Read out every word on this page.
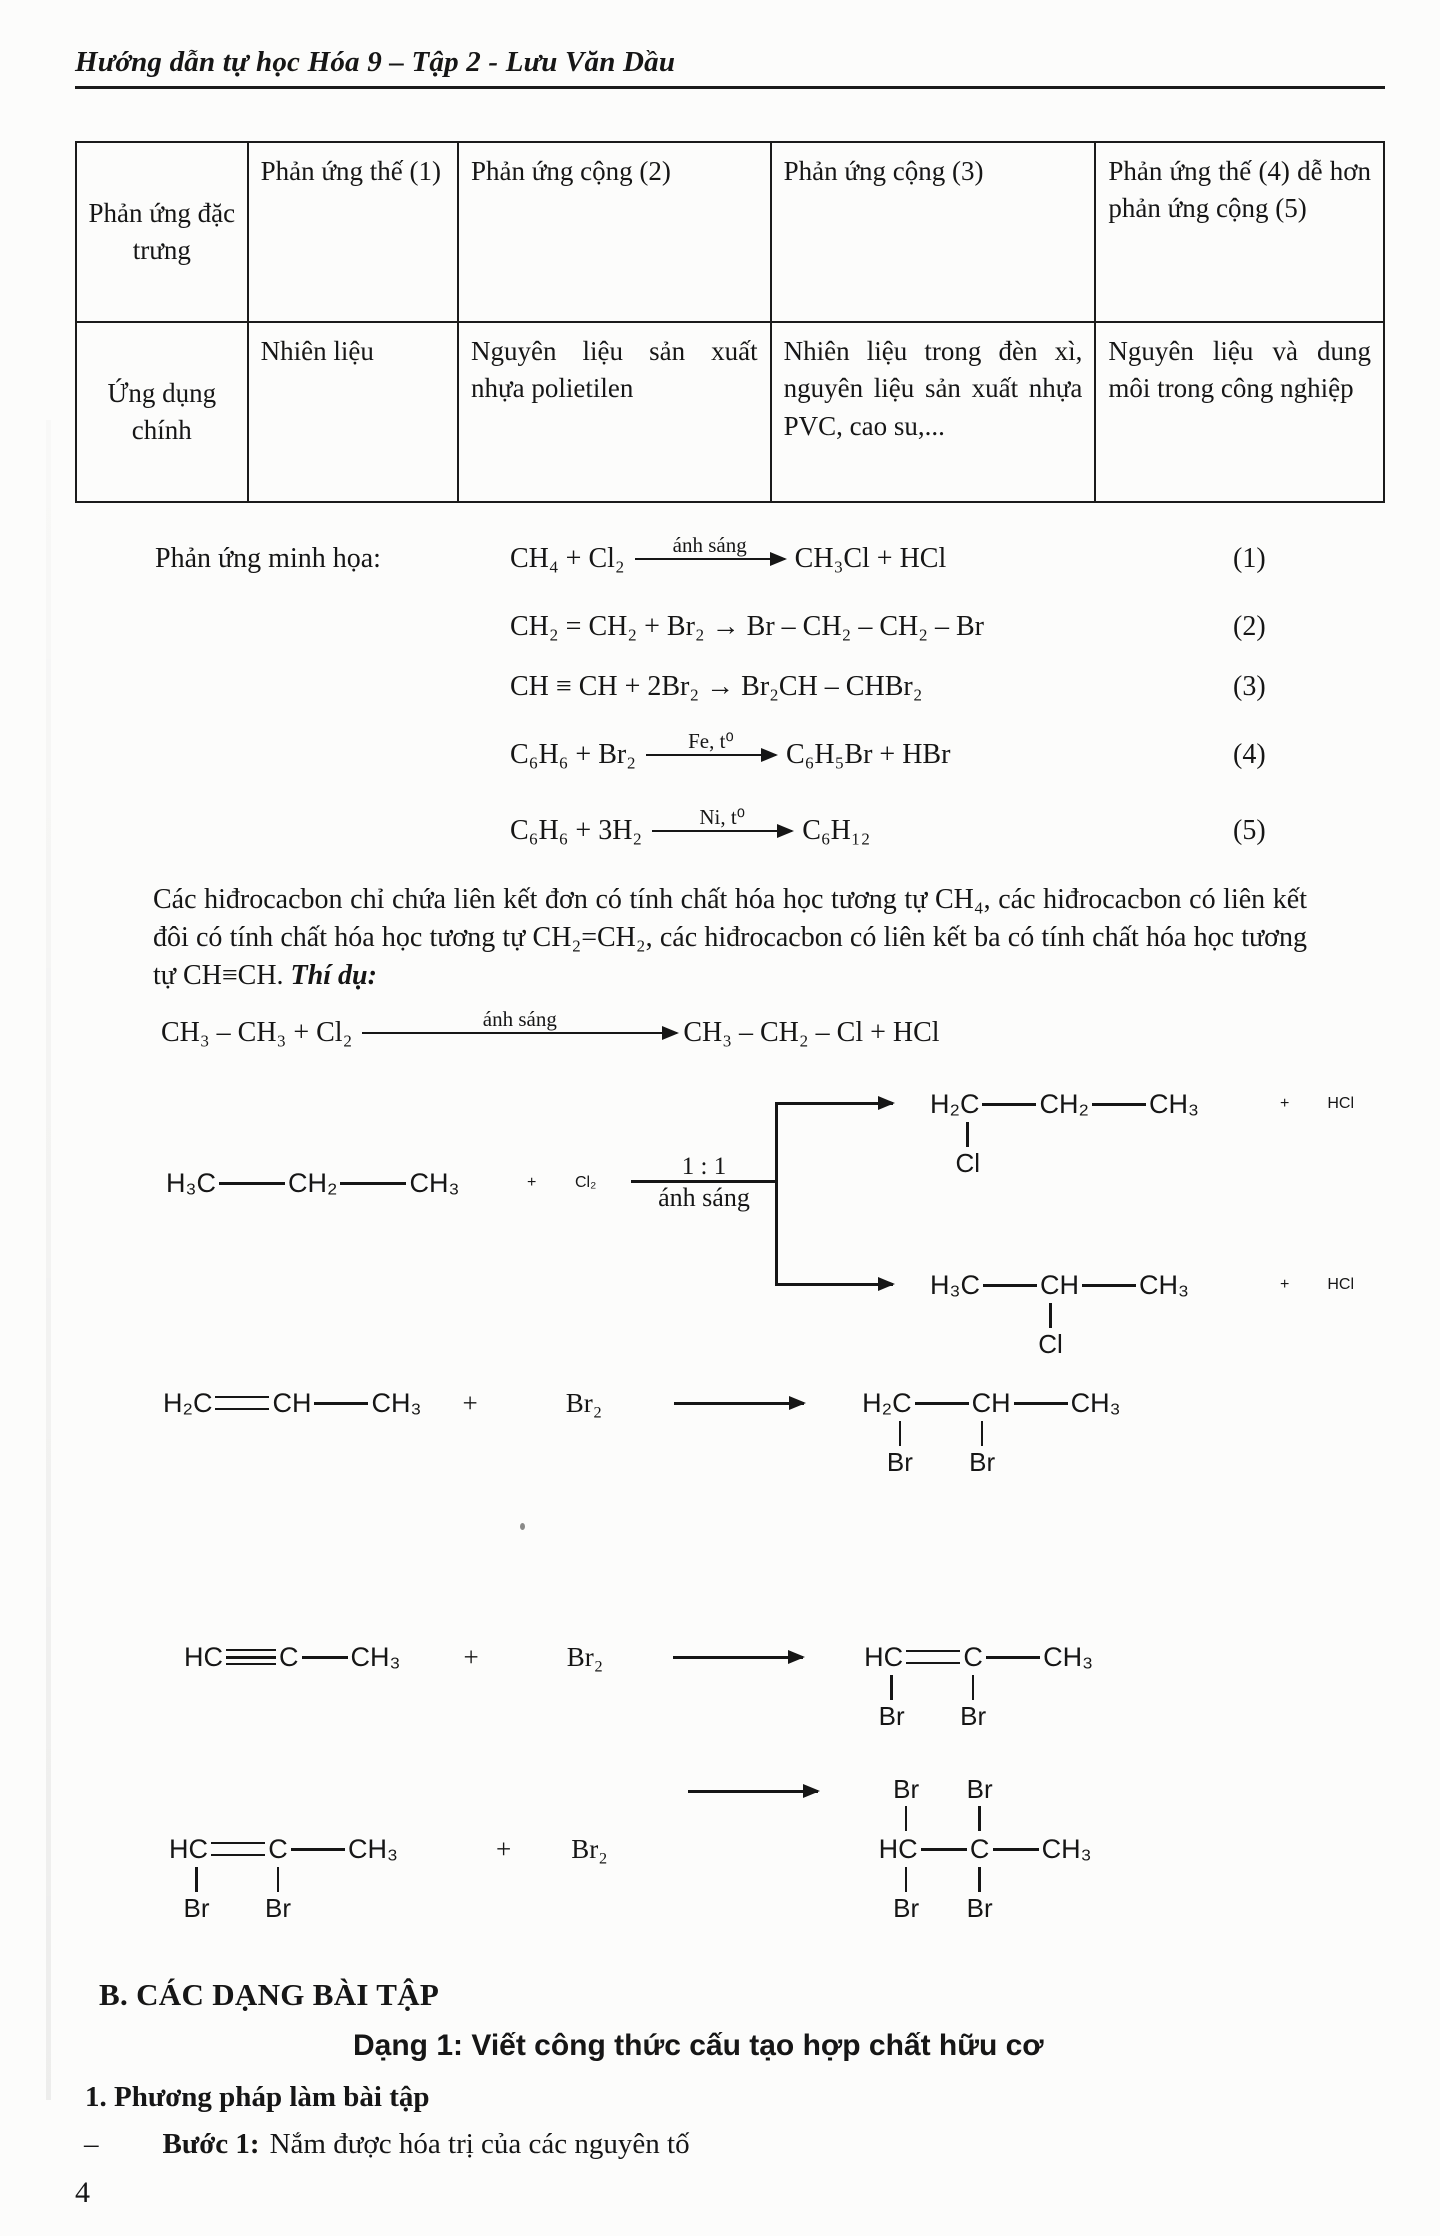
Hướng dẫn tự học Hóa 9 – Tập 2 - Lưu Văn Dầu
Phản ứng đặc trưng	Phản ứng thế (1)	Phản ứng cộng (2)	Phản ứng cộng (3)	Phản ứng thế (4) dễ hơn phản ứng cộng (5)
Ứng dụng chính	Nhiên liệu	Nguyên liệu sản xuất nhựa polietilen	Nhiên liệu trong đèn xì, nguyên liệu sản xuất nhựa PVC, cao su,...	Nguyên liệu và dung môi trong công nghiệp
Phản ứng minh họa:	CH₄ + Cl₂ ánh sáng CH₃Cl + HCl	(1)
CH₂ = CH₂ + Br₂ → Br – CH₂ – CH₂ – Br	(2)
CH ≡ CH + 2Br₂ → Br₂CH – CHBr₂	(3)
C₆H₆ + Br₂ Fe, t⁰ C₆H₅Br + HBr	(4)
C₆H₆ + 3H₂	Ni, t⁰ C₆H₁₂	(5)
Các hiđrocacbon chỉ chứa liên kết đơn có tính chất hóa học tương tự CH₄, các hiđrocacbon có liên kết đôi có tính chất hóa học tương tự CH₂=CH₂, các hiđrocacbon có liên kết ba có tính chất hóa học tương tự CH≡CH. Thí dụ:
CH₃ – CH₃ + Cl₂	ánh sáng	CH₃ – CH₂ – Cl + HCl
H₃C	CH₂	CH₃	+ Cl₂
1 : 1
ánh sáng
H₂C CH₂ CH₃
Cl
+ HCl
H₃C CH CH₃
Cl
+ HCl
H₂C CH CH₃ +	Br₂	H₂C CH CH₃
Br	Br
HC C CH₃ +	Br₂	HC C CH₃
Br	Br
HC C CH₃
Br	Br
+ Br₂
Br	Br
HC C CH₃
Br	Br
B. CÁC DẠNG BÀI TẬP
Dạng 1: Viết công thức cấu tạo hợp chất hữu cơ
1. Phương pháp làm bài tập
– Bước 1: Nắm được hóa trị của các nguyên tố
4
